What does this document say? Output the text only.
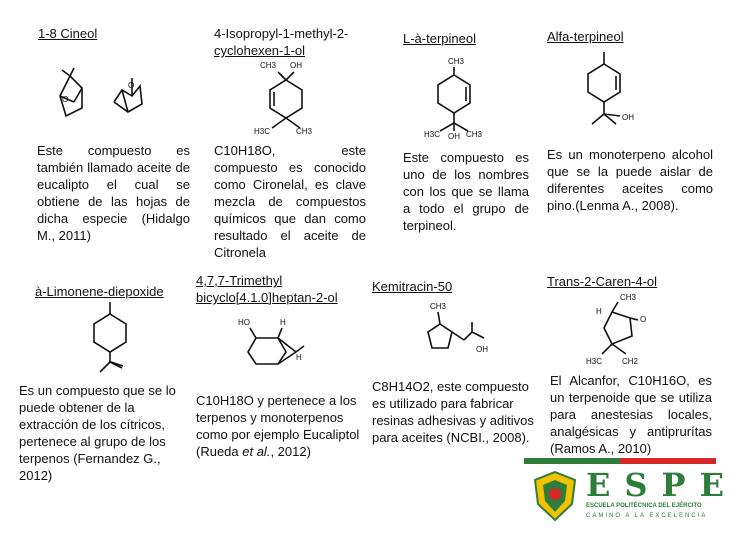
1-8 Cineol
O
O
Este compuesto es también llamado aceite de eucalipto el cual se obtiene de las hojas de dicha especie (Hidalgo M., 2011)
à-Limonene-diepoxide
Es un compuesto que se lo puede obtener de la extracción de los cítricos, pertenece al grupo de los terpenos (Fernandez G., 2012)
4-Isopropyl-1-methyl-2-
cyclohexen-1-ol
CH3 OH
H3C	CH3
C10H18O, este compuesto es conocido como Cironelal, es clave mezcla de compuestos químicos que dan como resultado el aceite de Citronela
4,7,7-Trimethyl
bicyclo[4.1.0]heptan-2-ol
HO	H
H
C10H18O y pertenece a los terpenos y monoterpenos como por ejemplo Eucaliptol (Rueda et al., 2012)
L-à-terpineol
CH3
H3C OH CH3
Este compuesto es uno de los nombres con los que se llama a todo el grupo de terpineol.
Kemitracin-50
CH3
OH
C8H14O2, este compuesto es utilizado para fabricar resinas adhesivas y aditivos para aceites (NCBI., 2008).
Alfa-terpineol
OH
Es un monoterpeno alcohol que se la puede aislar de diferentes aceites como pino.(Lenma A., 2008).
Trans-2-Caren-4-ol
CH3
H
O
H3C CH2
El Alcanfor, C10H16O, es un terpenoide que se utiliza para anestesias locales, analgésicas y antiprurítas (Ramos A., 2010)
ESPE
ESCUELA POLITÉCNICA DEL EJÉRCITO
CAMINO A LA EXCELENCIA
